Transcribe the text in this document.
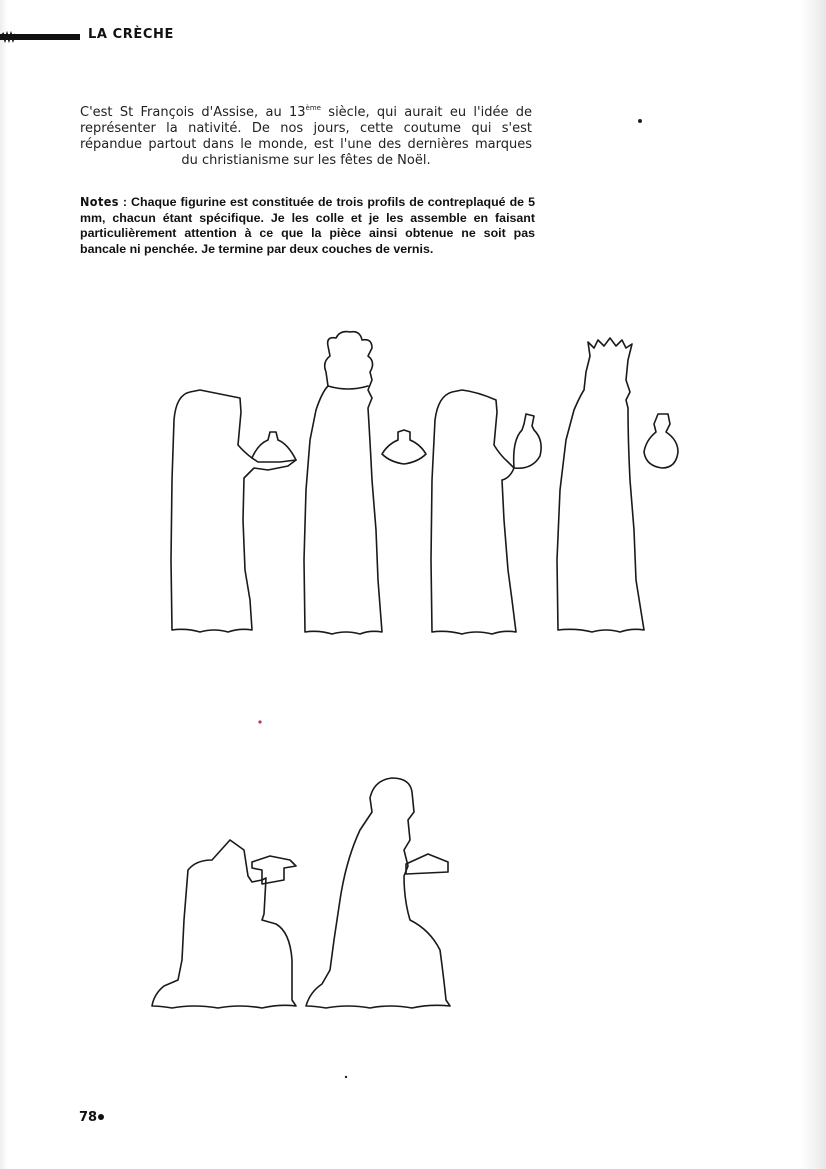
LA CRÈCHE
C'est St François d'Assise, au 13ème siècle, qui aurait eu l'idée de représenter la nativité. De nos jours, cette coutume qui s'est répandue partout dans le monde, est l'une des dernières marques du christianisme sur les fêtes de Noël.
Notes : Chaque figurine est constituée de trois profils de contreplaqué de 5 mm, chacun étant spécifique. Je les colle et je les assemble en faisant particulièrement attention à ce que la pièce ainsi obtenue ne soit pas bancale ni penchée. Je termine par deux couches de vernis.
78
